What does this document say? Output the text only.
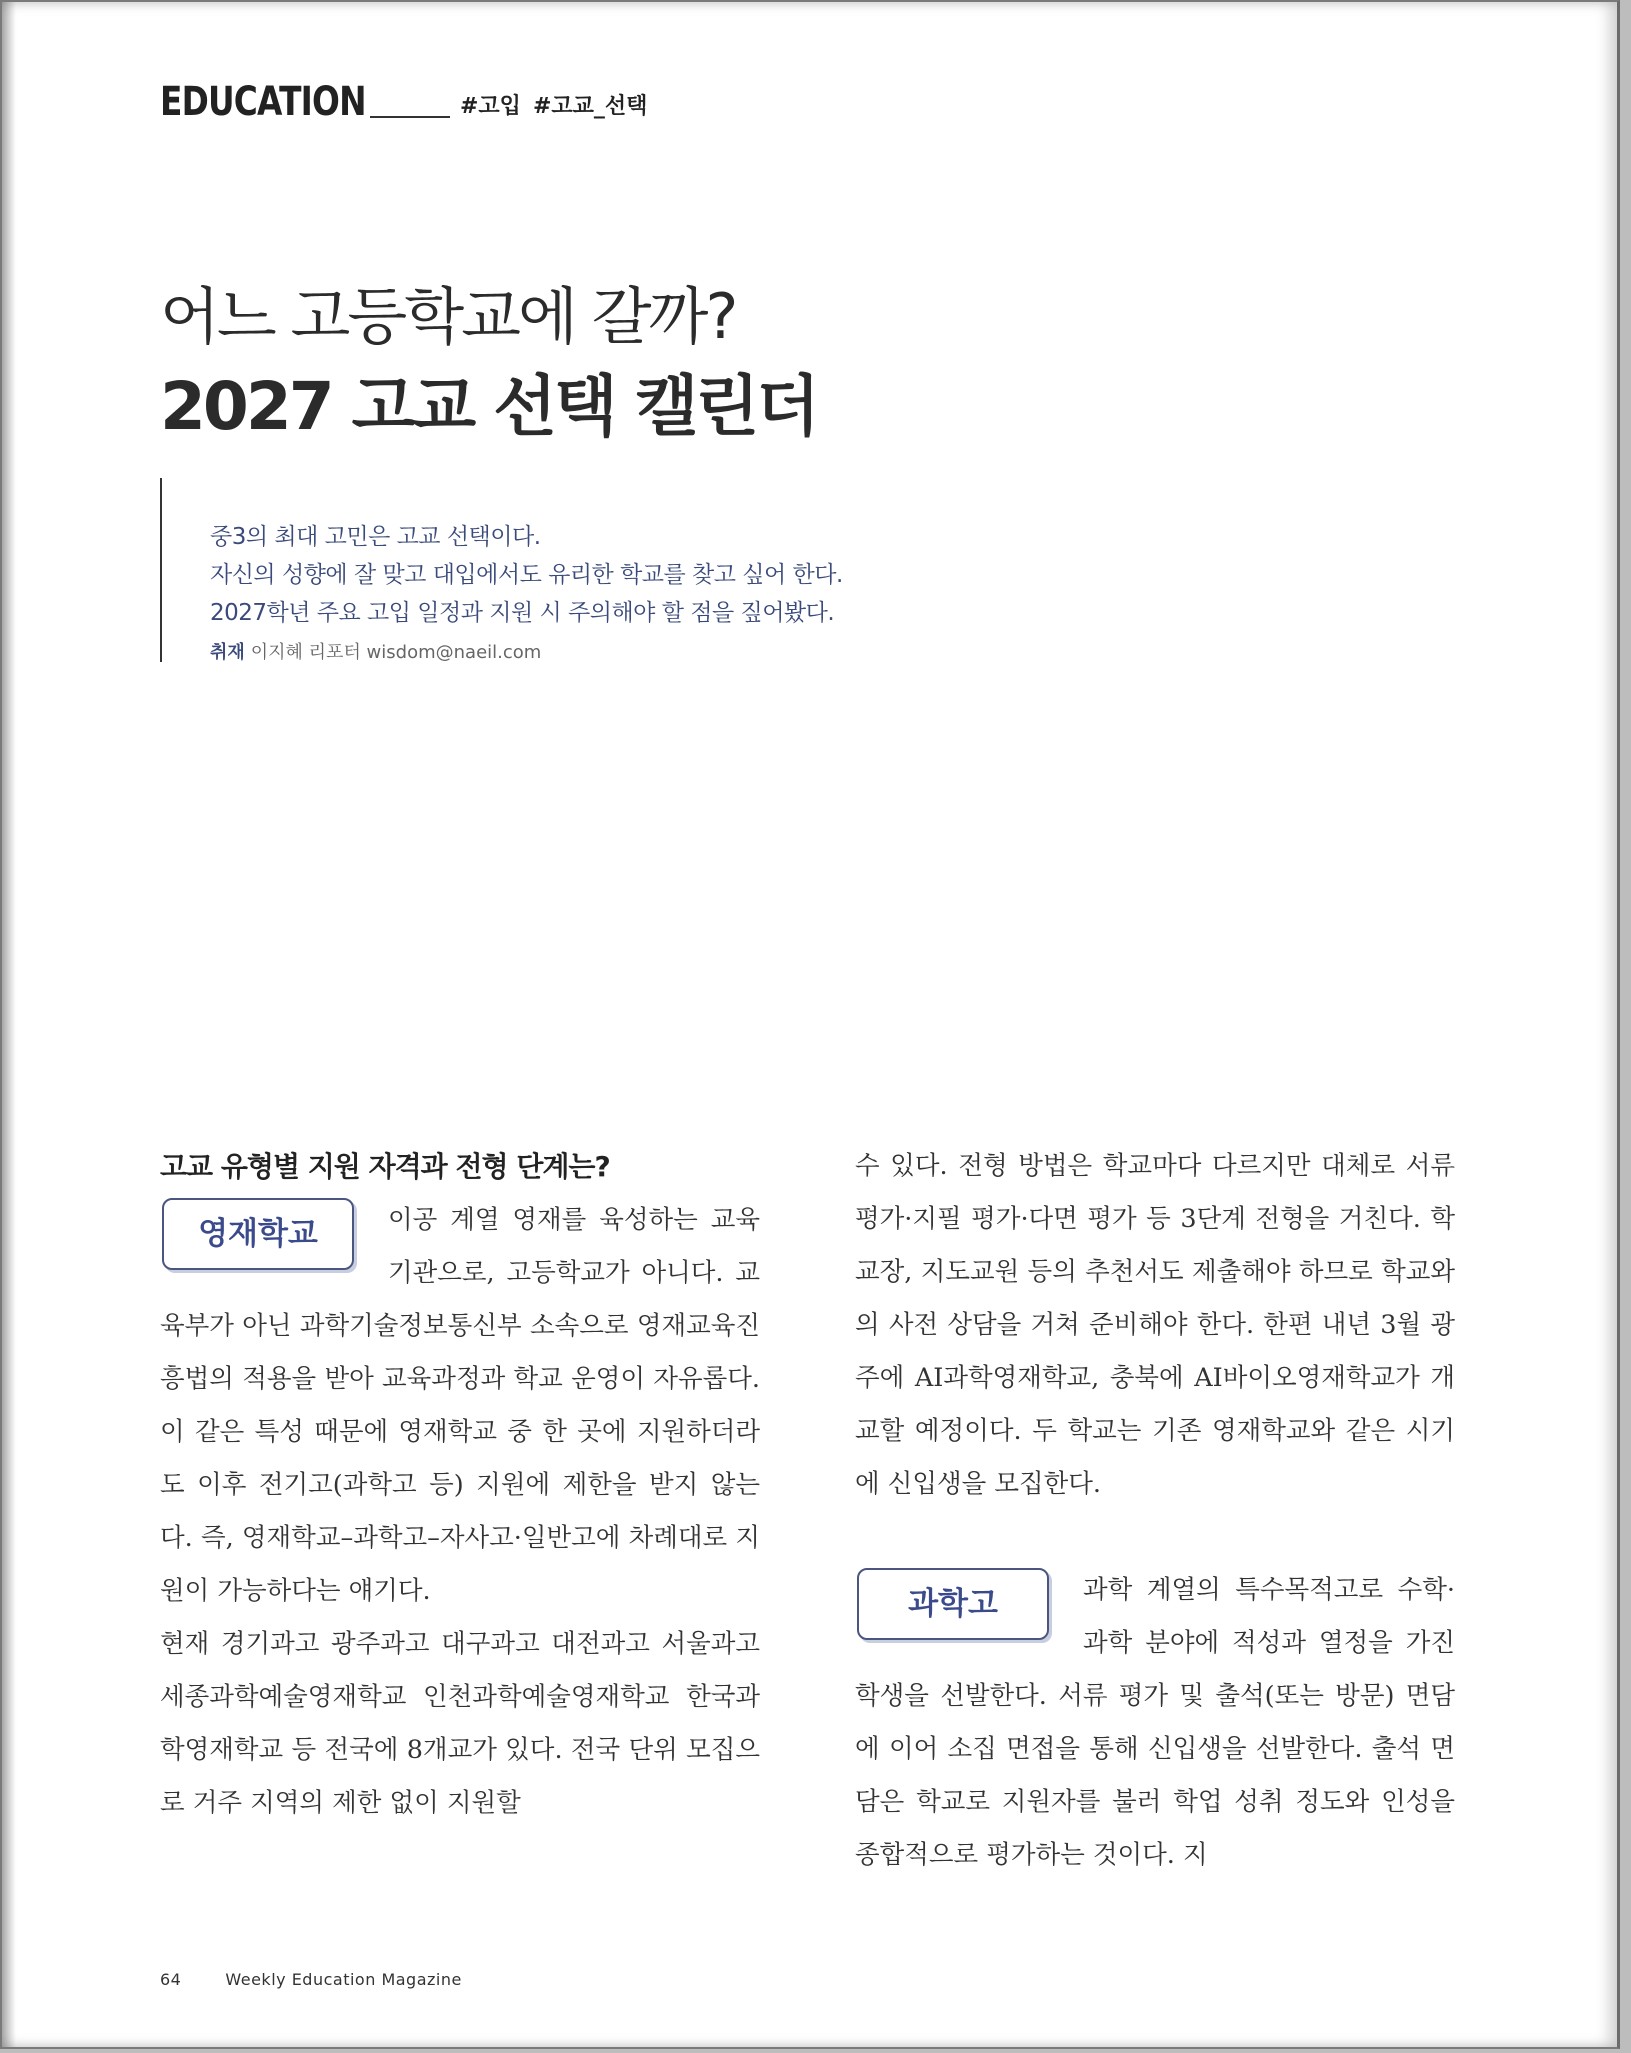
EDUCATION	#고입 #고교_선택
어느 고등학교에 갈까?
2027 고교 선택 캘린더
중3의 최대 고민은 고교 선택이다.
자신의 성향에 잘 맞고 대입에서도 유리한 학교를 찾고 싶어 한다.
2027학년 주요 고입 일정과 지원 시 주의해야 할 점을 짚어봤다.
취재 이지혜 리포터 wisdom@naeil.com
고교 유형별 지원 자격과 전형 단계는?
영재학교	이공 계열 영재를 육성하는 교육기관으로, 고등학교가 아니다. 교육부가 아닌 과학기술정보통신부 소속으로 영재교육진흥법의 적용을 받아 교육과정과 학교 운영이 자유롭다. 이 같은 특성 때문에 영재학교 중 한 곳에 지원하더라도 이후 전기고(과학고 등) 지원에 제한을 받지 않는다. 즉, 영재학교–과학고–자사고·일반고에 차례대로 지원이 가능하다는 얘기다.

현재 경기과고 광주과고 대구과고 대전과고 서울과고 세종과학예술영재학교 인천과학예술영재학교 한국과학영재학교 등 전국에 8개교가 있다. 전국 단위 모집으로 거주 지역의 제한 없이 지원할

수 있다. 전형 방법은 학교마다 다르지만 대체로 서류 평가·지필 평가·다면 평가 등 3단계 전형을 거친다. 학교장, 지도교원 등의 추천서도 제출해야 하므로 학교와의 사전 상담을 거쳐 준비해야 한다. 한편 내년 3월 광주에 AI과학영재학교, 충북에 AI바이오영재학교가 개교할 예정이다. 두 학교는 기존 영재학교와 같은 시기에 신입생을 모집한다.

과학고	과학 계열의 특수목적고로 수학·과학 분야에 적성과 열정을 가진 학생을 선발한다. 서류 평가 및 출석(또는 방문) 면담에 이어 소집 면접을 통해 신입생을 선발한다. 출석 면담은 학교로 지원자를 불러 학업 성취 정도와 인성을 종합적으로 평가하는 것이다. 지

64	Weekly Education Magazine
